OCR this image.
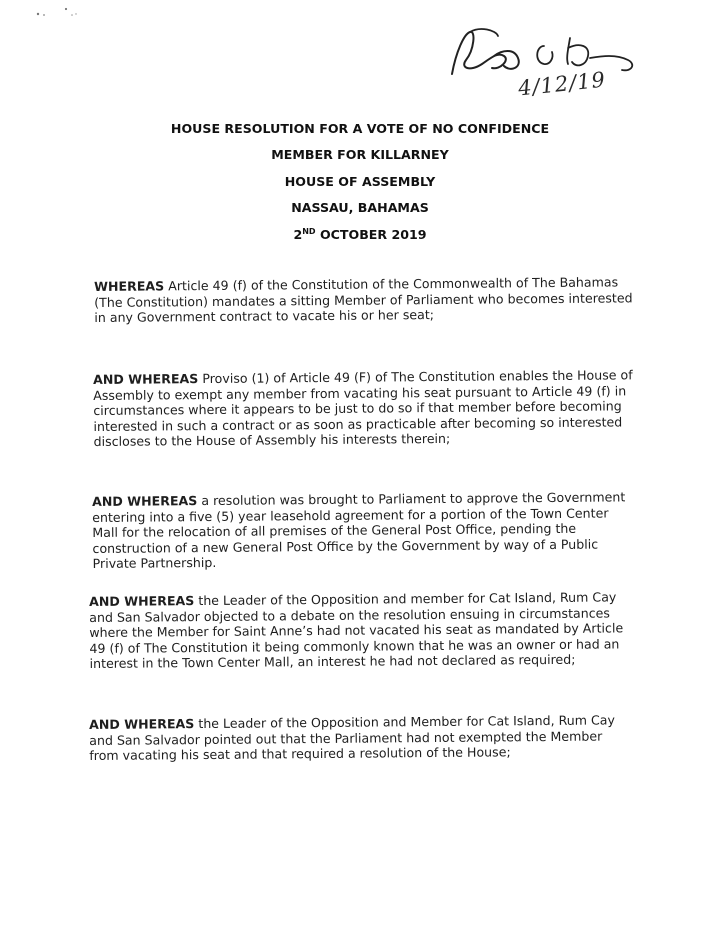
4/12/19
HOUSE RESOLUTION FOR A VOTE OF NO CONFIDENCE
MEMBER FOR KILLARNEY
HOUSE OF ASSEMBLY
NASSAU, BAHAMAS
2ND OCTOBER 2019
WHEREAS Article 49 (f) of the Constitution of the Commonwealth of The Bahamas (The Constitution) mandates a sitting Member of Parliament who becomes interested in any Government contract to vacate his or her seat;
AND WHEREAS Proviso (1) of Article 49 (F) of The Constitution enables the House of Assembly to exempt any member from vacating his seat pursuant to Article 49 (f) in circumstances where it appears to be just to do so if that member before becoming interested in such a contract or as soon as practicable after becoming so interested discloses to the House of Assembly his interests therein;
AND WHEREAS a resolution was brought to Parliament to approve the Government entering into a five (5) year leasehold agreement for a portion of the Town Center Mall for the relocation of all premises of the General Post Office, pending the construction of a new General Post Office by the Government by way of a Public Private Partnership.
AND WHEREAS the Leader of the Opposition and member for Cat Island, Rum Cay and San Salvador objected to a debate on the resolution ensuing in circumstances where the Member for Saint Anne’s had not vacated his seat as mandated by Article 49 (f) of The Constitution it being commonly known that he was an owner or had an interest in the Town Center Mall, an interest he had not declared as required;
AND WHEREAS the Leader of the Opposition and Member for Cat Island, Rum Cay and San Salvador pointed out that the Parliament had not exempted the Member from vacating his seat and that required a resolution of the House;
